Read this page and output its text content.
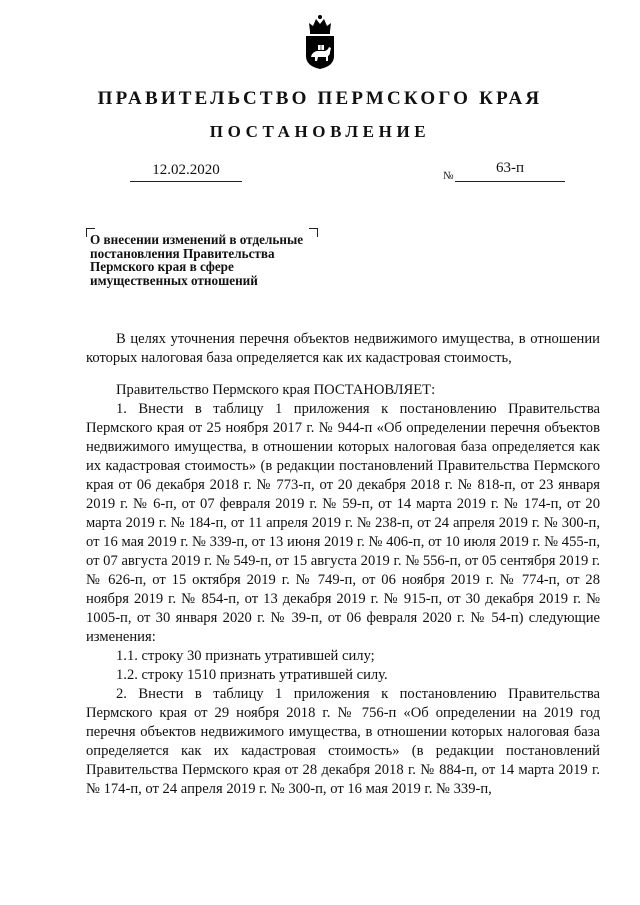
ПРАВИТЕЛЬСТВО ПЕРМСКОГО КРАЯ
ПОСТАНОВЛЕНИЕ
12.02.2020	№	63-п
О внесении изменений в отдельные
постановления Правительства
Пермского края в сфере
имущественных отношений

В целях уточнения перечня объектов недвижимого имущества, в отношении которых налоговая база определяется как их кадастровая стоимость,

Правительство Пермского края ПОСТАНОВЛЯЕТ:

1. Внести в таблицу 1 приложения к постановлению Правительства Пермского края от 25 ноября 2017 г. № 944-п «Об определении перечня объектов недвижимого имущества, в отношении которых налоговая база определяется как их кадастровая стоимость» (в редакции постановлений Правительства Пермского края от 06 декабря 2018 г. № 773-п, от 20 декабря 2018 г. № 818-п, от 23 января 2019 г. № 6-п, от 07 февраля 2019 г. № 59-п, от 14 марта 2019 г. № 174-п, от 20 марта 2019 г. № 184-п, от 11 апреля 2019 г. № 238-п, от 24 апреля 2019 г. № 300-п, от 16 мая 2019 г. № 339-п, от 13 июня 2019 г. № 406-п, от 10 июля 2019 г. № 455-п, от 07 августа 2019 г. № 549-п, от 15 августа 2019 г. № 556-п, от 05 сентября 2019 г. № 626-п, от 15 октября 2019 г. № 749-п, от 06 ноября 2019 г. № 774-п, от 28 ноября 2019 г. № 854-п, от 13 декабря 2019 г. № 915-п, от 30 декабря 2019 г. № 1005-п, от 30 января 2020 г. № 39-п, от 06 февраля 2020 г. № 54-п) следующие изменения:

1.1. строку 30 признать утратившей силу;

1.2. строку 1510 признать утратившей силу.

2. Внести в таблицу 1 приложения к постановлению Правительства Пермского края от 29 ноября 2018 г. № 756-п «Об определении на 2019 год перечня объектов недвижимого имущества, в отношении которых налоговая база определяется как их кадастровая стоимость» (в редакции постановлений Правительства Пермского края от 28 декабря 2018 г. № 884-п, от 14 марта 2019 г. № 174-п, от 24 апреля 2019 г. № 300-п, от 16 мая 2019 г. № 339-п,
